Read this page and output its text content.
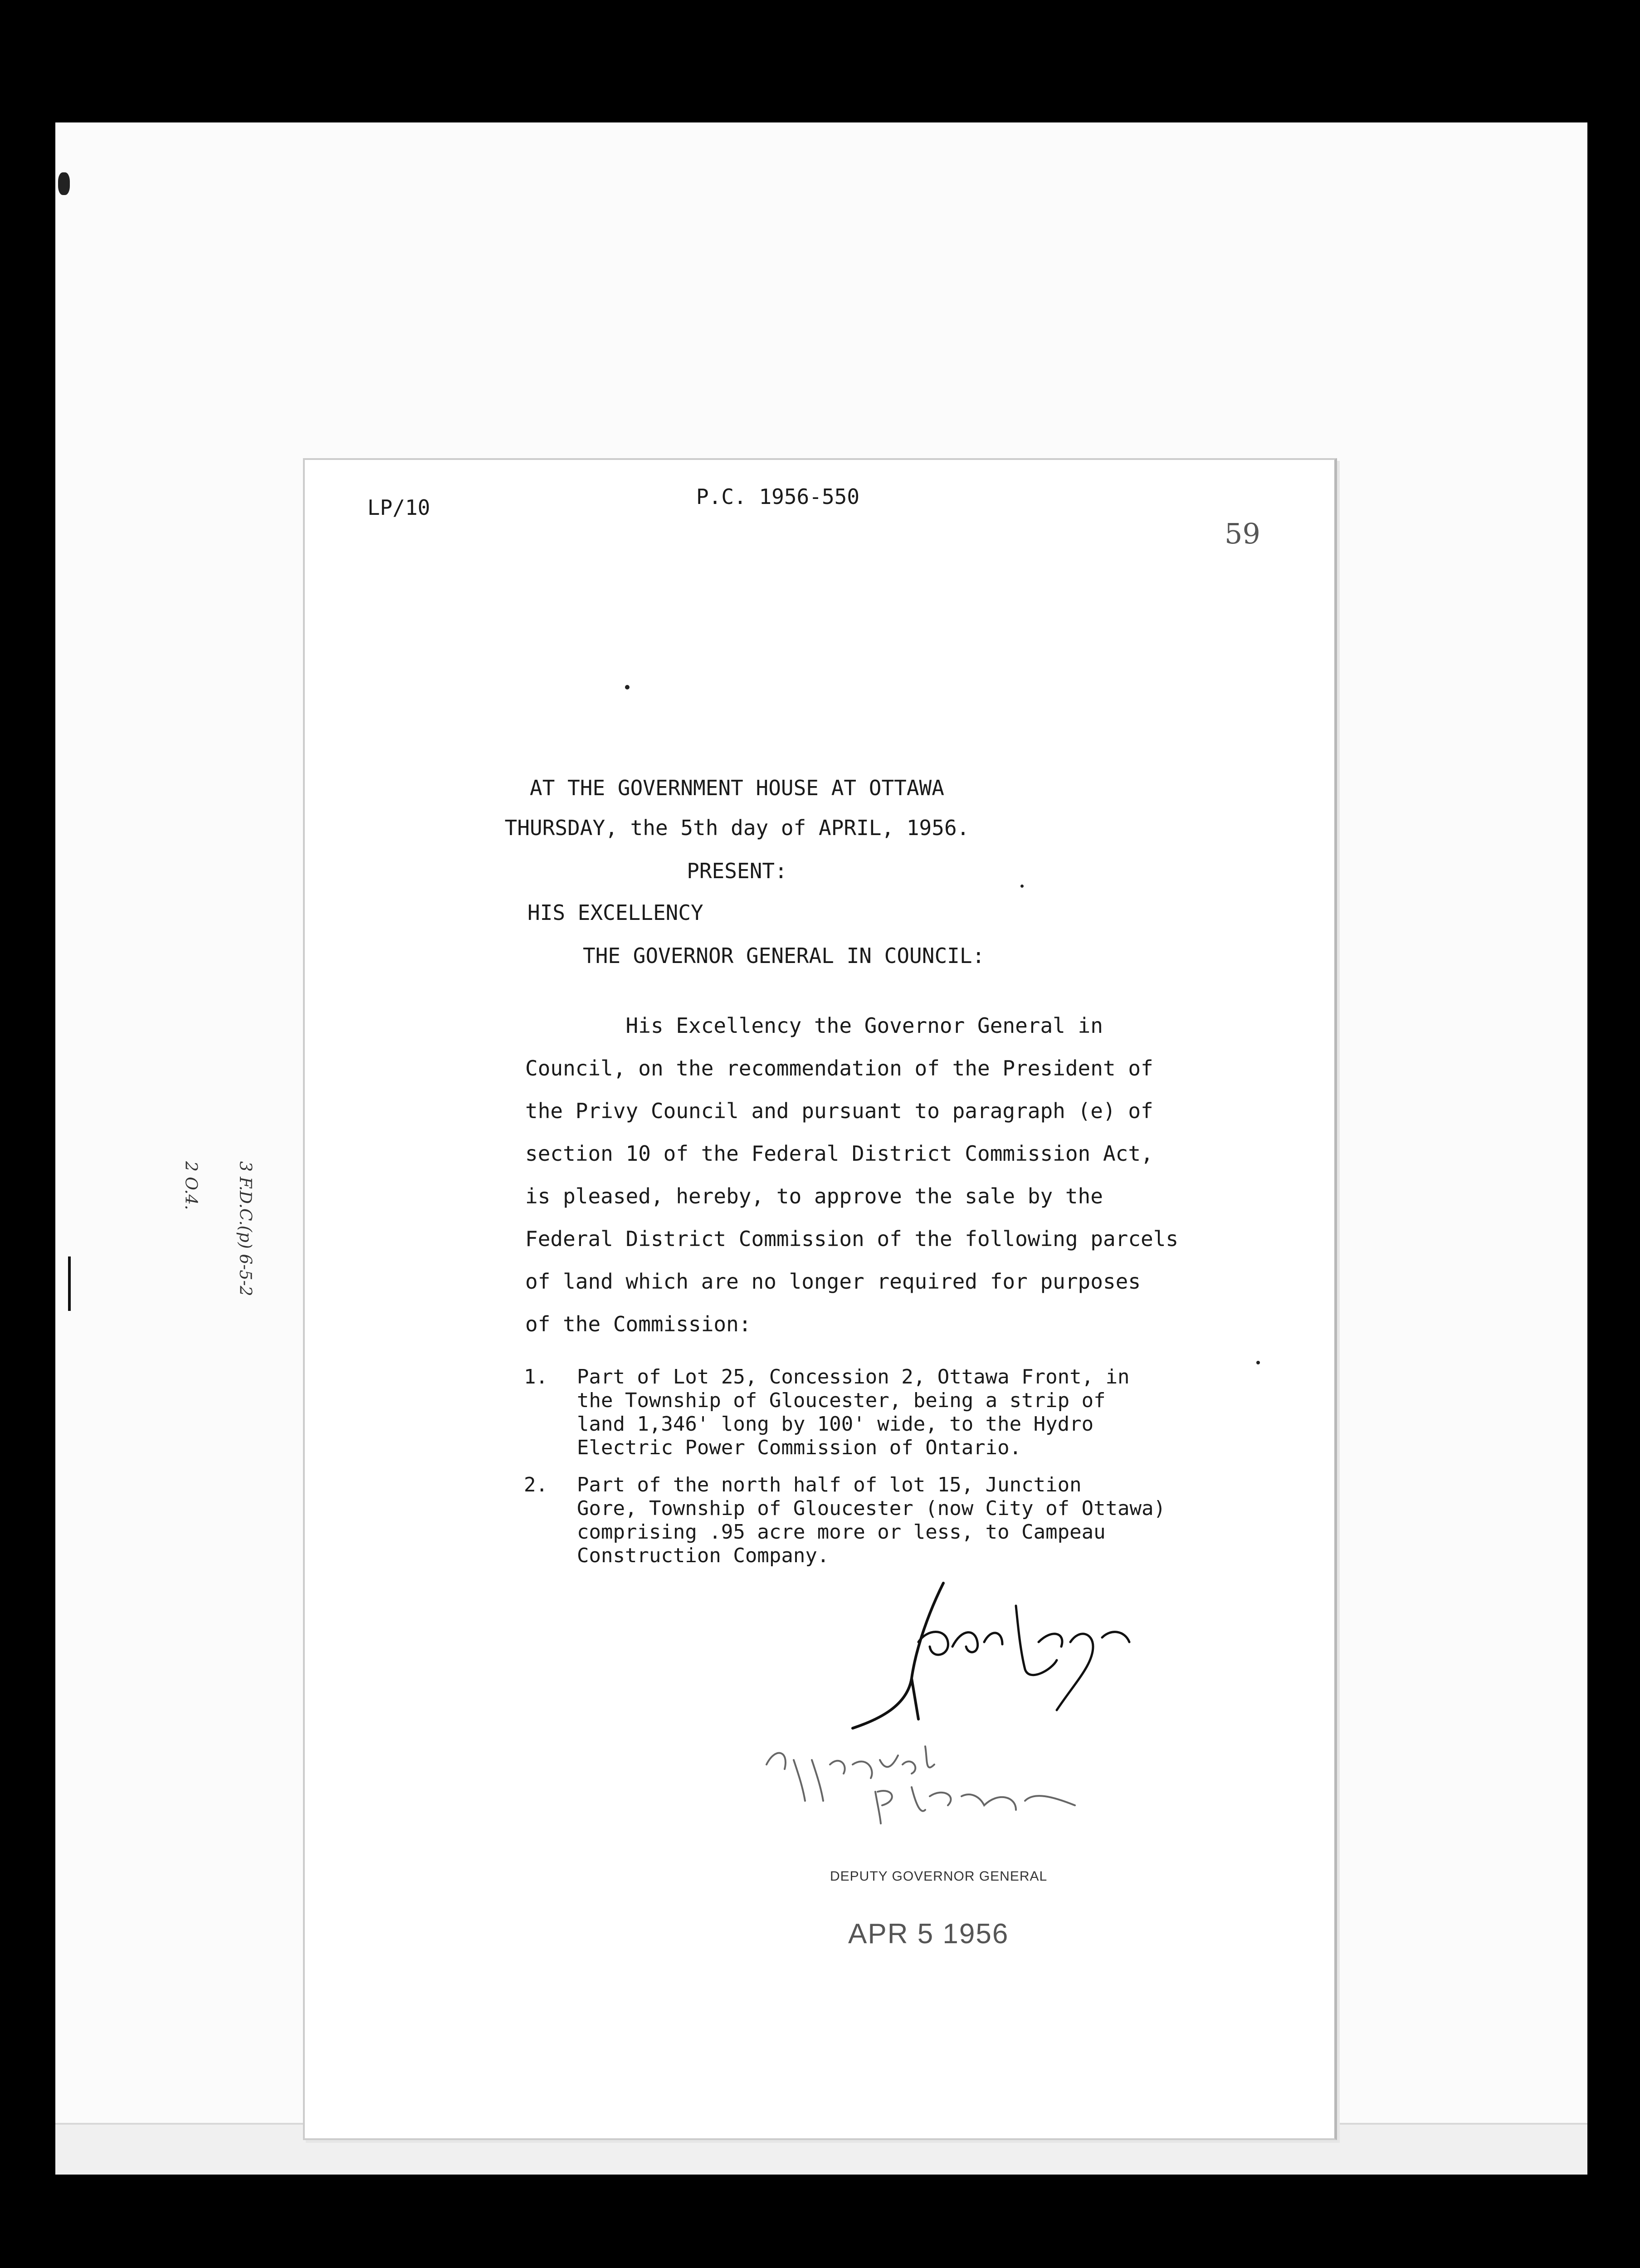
LP/10	P.C. 1956-550
59
AT THE GOVERNMENT HOUSE AT OTTAWA
THURSDAY, the 5th day of APRIL, 1956.
PRESENT:
HIS EXCELLENCY
THE GOVERNOR GENERAL IN COUNCIL:
His Excellency the Governor General in
Council, on the recommendation of the President of
the Privy Council and pursuant to paragraph (e) of
section 10 of the Federal District Commission Act,
is pleased, hereby, to approve the sale by the
Federal District Commission of the following parcels
of land which are no longer required for purposes
of the Commission:
1. Part of Lot 25, Concession 2, Ottawa Front, in
the Township of Gloucester, being a strip of
land 1,346' long by 100' wide, to the Hydro
Electric Power Commission of Ontario.
2. Part of the north half of lot 15, Junction
Gore, Township of Gloucester (now City of Ottawa)
comprising .95 acre more or less, to Campeau
Construction Company.
DEPUTY GOVERNOR GENERAL
APR 5 1956

3 F.D.C.(p) 6-5-2

2 O.4.
